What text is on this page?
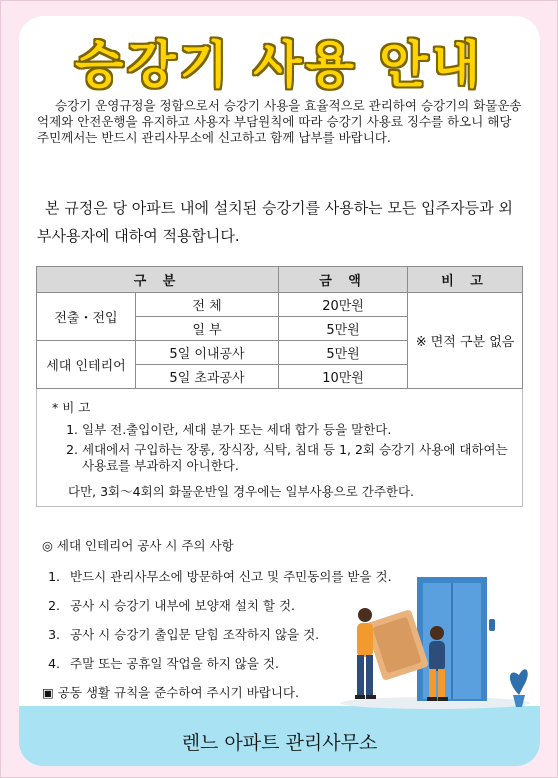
승강기 사용 안내
승강기 운영규정을 정함으로서 승강기 사용을 효율적으로 관리하여 승강기의 화물운송 억제와 안전운행을 유지하고 사용자 부담원칙에 따라 승강기 사용료 징수를 하오니 해당 주민께서는 반드시 관리사무소에 신고하고 함께 납부를 바랍니다.
본 규정은 당 아파트 내에 설치된 승강기를 사용하는 모든 입주자등과 외부사용자에 대하여 적용합니다.
구 분		금 액	비 고
전출・전입	전 체	20만원	※ 면적 구분 없음
	일 부	5만원	
세대 인테리어	5일 이내공사	5만원	
	5일 초과공사	10만원	
* 비 고
1. 일부 전.출입이란, 세대 분가 또는 세대 합가 등을 말한다.
2. 세대에서 구입하는 장롱, 장식장, 식탁, 침대 등 1, 2회 승강기 사용에 대하여는 사용료를 부과하지 아니한다.
다만, 3회～4회의 화물운반일 경우에는 일부사용으로 간주한다.
◎ 세대 인테리어 공사 시 주의 사항
1. 반드시 관리사무소에 방문하여 신고 및 주민동의를 받을 것.
2. 공사 시 승강기 내부에 보양재 설치 할 것.
3. 공사 시 승강기 출입문 닫힘 조작하지 않을 것.
4. 주말 또는 공휴일 작업을 하지 않을 것.
▣ 공동 생활 규칙을 준수하여 주시기 바랍니다.
렌느 아파트 관리사무소
